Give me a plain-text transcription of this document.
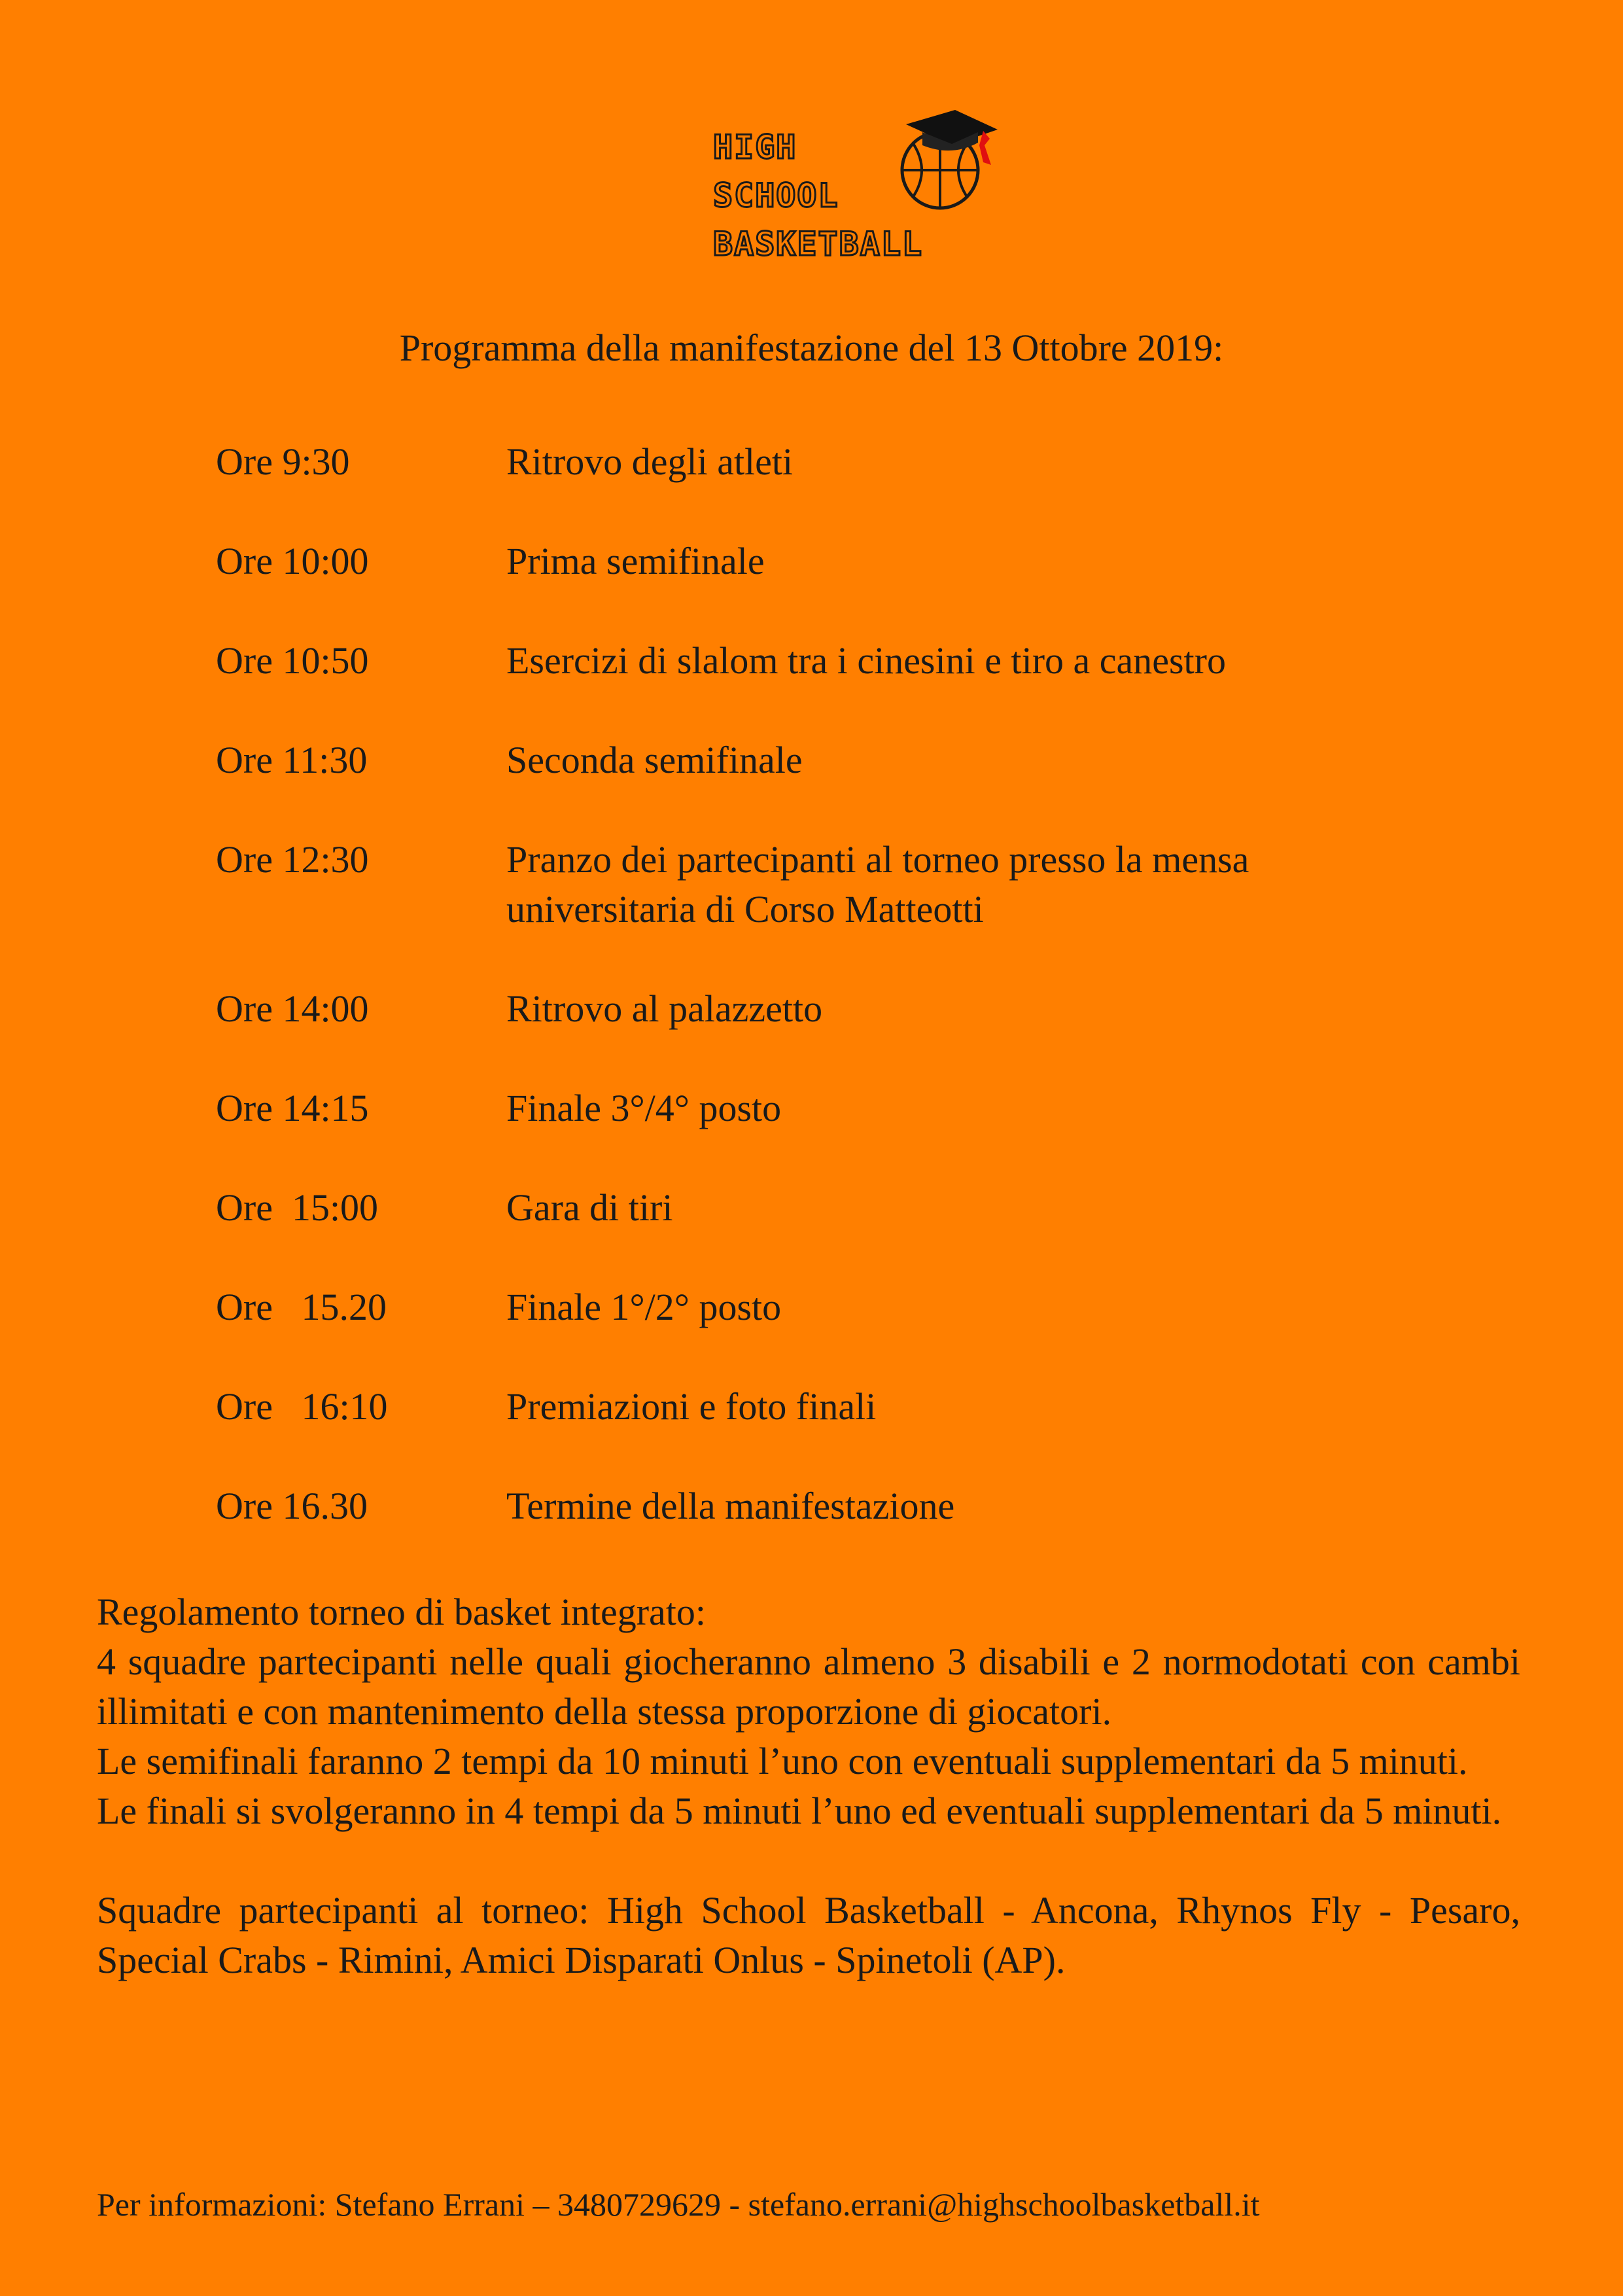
HIGH
SCHOOL
BASKETBALL
Programma della manifestazione del 13 Ottobre 2019:
Ore 9:30	Ritrovo degli atleti
Ore 10:00	Prima semifinale
Ore 10:50	Esercizi di slalom tra i cinesini e tiro a canestro
Ore 11:30	Seconda semifinale
Ore 12:30	Pranzo dei partecipanti al torneo presso la mensa universitaria di Corso Matteotti
Ore 14:00	Ritrovo al palazzetto
Ore 14:15	Finale 3°/4° posto
Ore  15:00	Gara di tiri
Ore   15.20	Finale 1°/2° posto
Ore   16:10	Premiazioni e foto finali
Ore 16.30	Termine della manifestazione

Regolamento torneo di basket integrato:

4 squadre partecipanti nelle quali giocheranno almeno 3 disabili e 2 normodotati con cambi illimitati e con mantenimento della stessa proporzione di giocatori.

Le semifinali faranno 2 tempi da 10 minuti l’uno con eventuali supplementari da 5 minuti.

Le finali si svolgeranno in 4 tempi da 5 minuti l’uno ed eventuali supplementari da 5 minuti.

Squadre partecipanti al torneo: High School Basketball - Ancona, Rhynos Fly - Pesaro, Special Crabs - Rimini, Amici Disparati Onlus - Spinetoli (AP).

Per informazioni: Stefano Errani – 3480729629 - stefano.errani@highschoolbasketball.it
